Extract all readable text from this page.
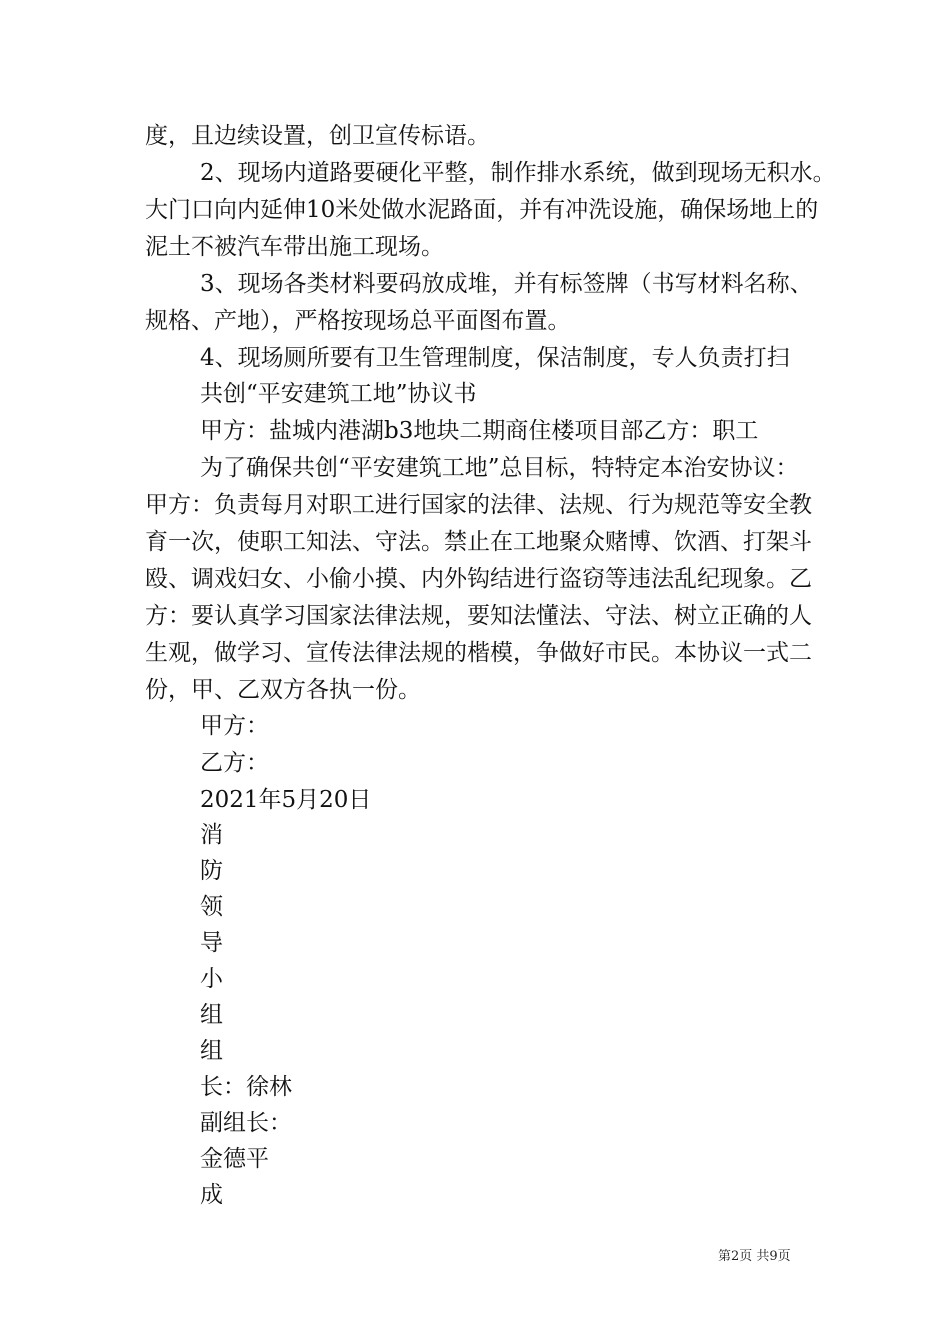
度，且边续设置，创卫宣传标语。
2、现场内道路要硬化平整，制作排水系统，做到现场无积水。
大门口向内延伸10米处做水泥路面，并有冲洗设施，确保场地上的
泥土不被汽车带出施工现场。
3、现场各类材料要码放成堆，并有标签牌（书写材料名称、
规格、产地），严格按现场总平面图布置。
4、现场厕所要有卫生管理制度，保洁制度，专人负责打扫
共创“平安建筑工地”协议书
甲方：盐城内港湖b3地块二期商住楼项目部乙方：职工
为了确保共创“平安建筑工地”总目标，特特定本治安协议：
甲方：负责每月对职工进行国家的法律、法规、行为规范等安全教
育一次，使职工知法、守法。禁止在工地聚众赌博、饮酒、打架斗
殴、调戏妇女、小偷小摸、内外钩结进行盗窃等违法乱纪现象。乙
方：要认真学习国家法律法规，要知法懂法、守法、树立正确的人
生观，做学习、宣传法律法规的楷模，争做好市民。本协议一式二
份，甲、乙双方各执一份。
甲方：
乙方：
2021年5月20日
消
防
领
导
小
组
组
长：徐林
副组长：
金德平
成
第2页 共9页
